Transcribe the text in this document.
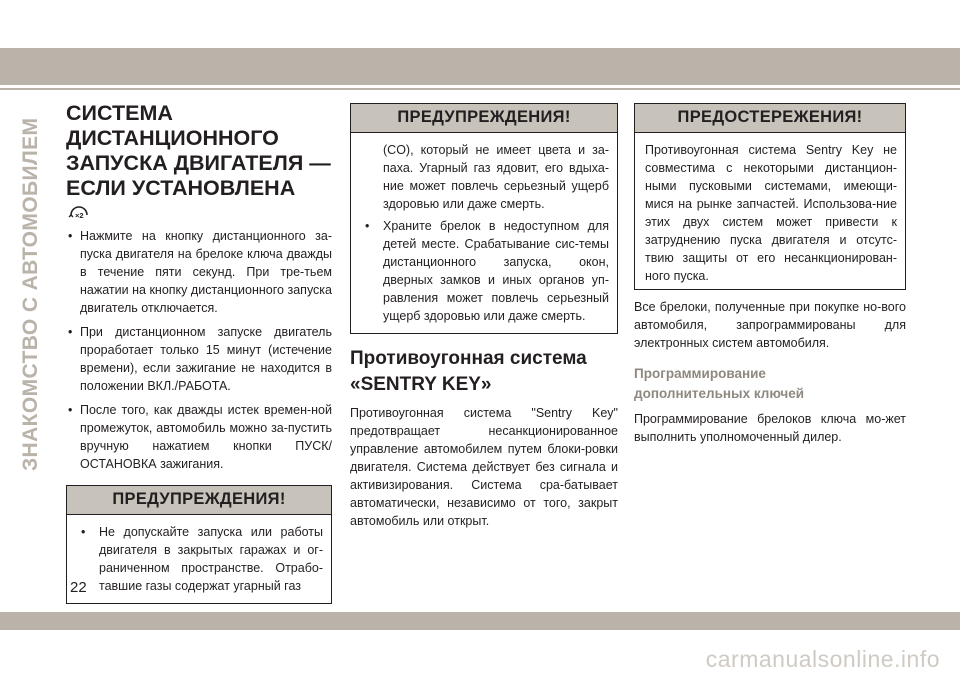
ЗНАКОМСТВО С АВТОМОБИЛЕМ
СИСТЕМА
ДИСТАНЦИОННОГО
ЗАПУСКА ДВИГАТЕЛЯ —
ЕСЛИ УСТАНОВЛЕНА
×2
• Нажмите на кнопку дистанционного за-пуска двигателя на брелоке ключа дважды в течение пяти секунд. При тре-тьем нажатии на кнопку дистанционного запуска двигатель отключается.
• При дистанционном запуске двигатель проработает только 15 минут (истечение времени), если зажигание не находится в положении ВКЛ./РАБОТА.
• После того, как дважды истек времен-ной промежуток, автомобиль можно за-пустить вручную нажатием кнопки ПУСК/ОСТАНОВКА зажигания.
ПРЕДУПРЕЖДЕНИЯ!
• Не допускайте запуска или работы двигателя в закрытых гаражах и ог-раниченном пространстве. Отрабо-тавшие газы содержат угарный газ
ПРЕДУПРЕЖДЕНИЯ!

(CO), который не имеет цвета и за-паха. Угарный газ ядовит, его вдыха-ние может повлечь серьезный ущерб здоровью или даже смерть.

• Храните брелок в недоступном для детей месте. Срабатывание сис-темы дистанционного запуска, окон, дверных замков и иных органов уп-равления может повлечь серьезный ущерб здоровью или даже смерть.
Противоугонная система
«SENTRY KEY»

Противоугонная система "Sentry Key" предотвращает несанкционированное управление автомобилем путем блоки-ровки двигателя. Система действует без сигнала и активизирования. Система сра-батывает автоматически, независимо от того, закрыт автомобиль или открыт.

ПРЕДОСТЕРЕЖЕНИЯ!

Противоугонная система Sentry Key не совместима с некоторыми дистанцион-ными пусковыми системами, имеющи-мися на рынке запчастей. Использова-ние этих двух систем может привести к затруднению пуска двигателя и отсутс-твию защиты от его несанкционирован-ного пуска.

Все брелоки, полученные при покупке но-вого автомобиля, запрограммированы для электронных систем автомобиля.

Программирование
дополнительных ключей

Программирование брелоков ключа мо-жет выполнить уполномоченный дилер.

22
carmanualsonline.info
